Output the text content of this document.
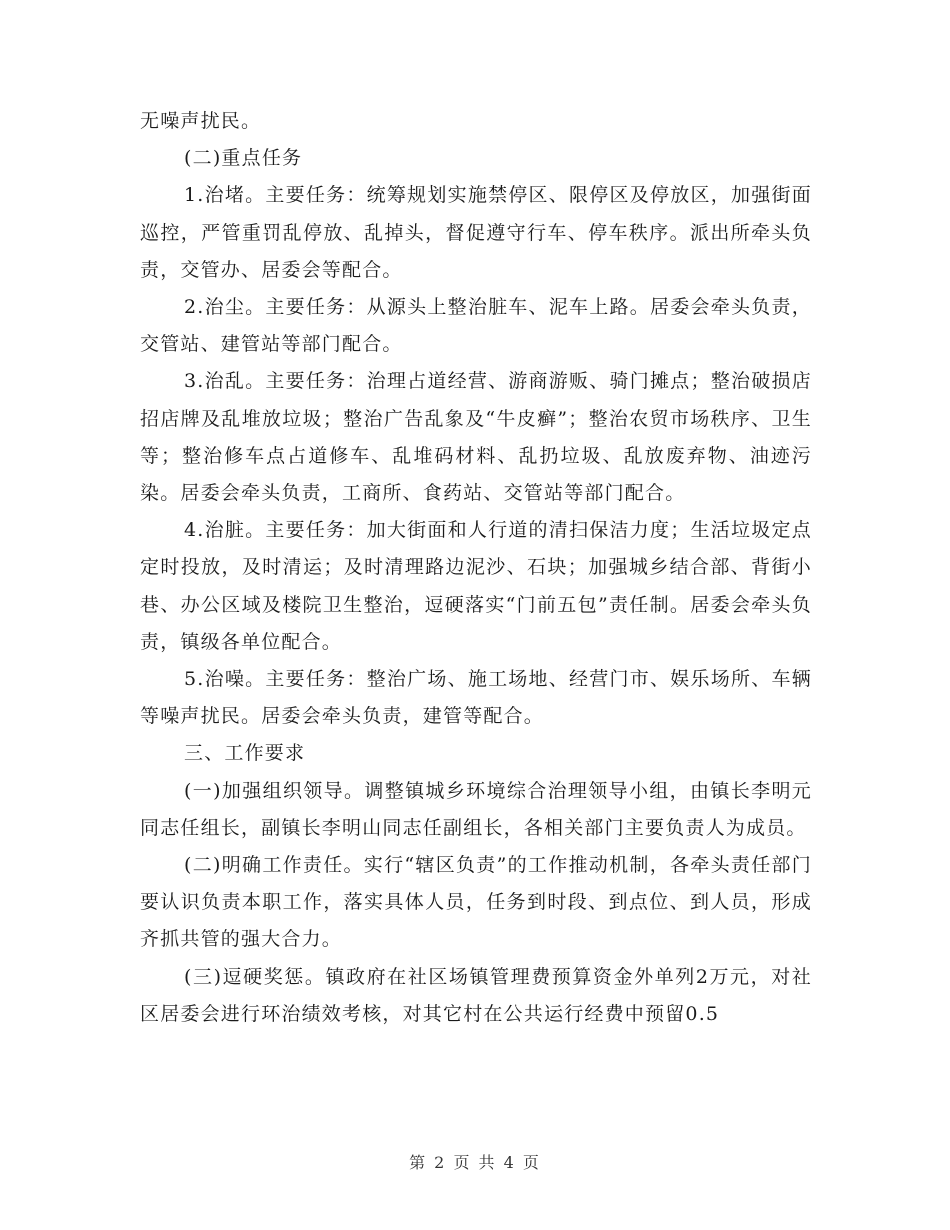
无噪声扰民。

(二)重点任务

1.治堵。主要任务：统筹规划实施禁停区、限停区及停放区，加强街面巡控，严管重罚乱停放、乱掉头，督促遵守行车、停车秩序。派出所牵头负责，交管办、居委会等配合。

2.治尘。主要任务：从源头上整治脏车、泥车上路。居委会牵头负责，交管站、建管站等部门配合。

3.治乱。主要任务：治理占道经营、游商游贩、骑门摊点；整治破损店招店牌及乱堆放垃圾；整治广告乱象及“牛皮癣”；整治农贸市场秩序、卫生等；整治修车点占道修车、乱堆码材料、乱扔垃圾、乱放废弃物、油迹污染。居委会牵头负责，工商所、食药站、交管站等部门配合。

4.治脏。主要任务：加大街面和人行道的清扫保洁力度；生活垃圾定点定时投放，及时清运；及时清理路边泥沙、石块；加强城乡结合部、背街小巷、办公区域及楼院卫生整治，逗硬落实“门前五包”责任制。居委会牵头负责，镇级各单位配合。

5.治噪。主要任务：整治广场、施工场地、经营门市、娱乐场所、车辆等噪声扰民。居委会牵头负责，建管等配合。

三、工作要求

(一)加强组织领导。调整镇城乡环境综合治理领导小组，由镇长李明元同志任组长，副镇长李明山同志任副组长，各相关部门主要负责人为成员。

(二)明确工作责任。实行“辖区负责”的工作推动机制，各牵头责任部门要认识负责本职工作，落实具体人员，任务到时段、到点位、到人员，形成齐抓共管的强大合力。

(三)逗硬奖惩。镇政府在社区场镇管理费预算资金外单列2万元，对社区居委会进行环治绩效考核，对其它村在公共运行经费中预留0.5

第 2 页 共 4 页
